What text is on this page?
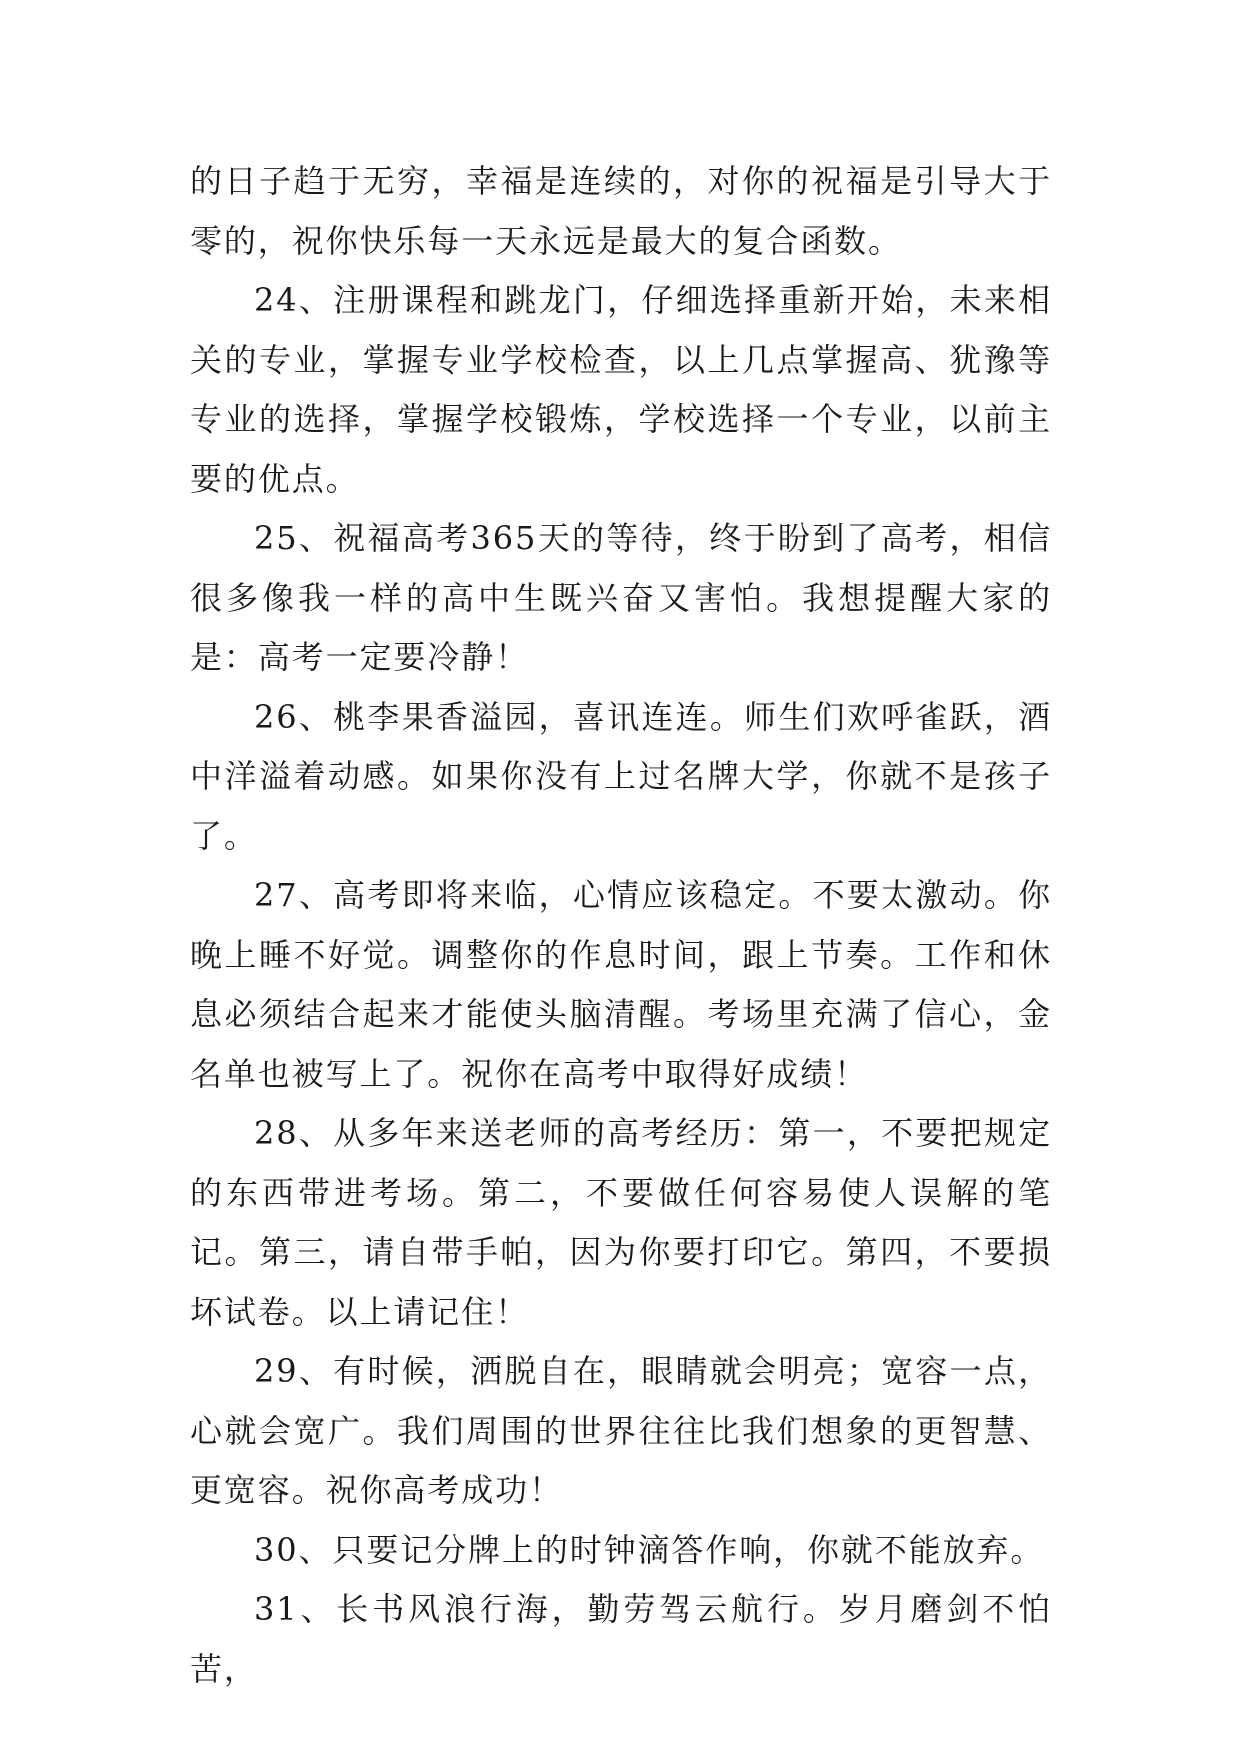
的日子趋于无穷，幸福是连续的，对你的祝福是引导大于零的，祝你快乐每一天永远是最大的复合函数。

24、注册课程和跳龙门，仔细选择重新开始，未来相关的专业，掌握专业学校检查，以上几点掌握高、犹豫等专业的选择，掌握学校锻炼，学校选择一个专业，以前主要的优点。

25、祝福高考365天的等待，终于盼到了高考，相信很多像我一样的高中生既兴奋又害怕。我想提醒大家的是：高考一定要冷静！

26、桃李果香溢园，喜讯连连。师生们欢呼雀跃，酒中洋溢着动感。如果你没有上过名牌大学，你就不是孩子了。

27、高考即将来临，心情应该稳定。不要太激动。你晚上睡不好觉。调整你的作息时间，跟上节奏。工作和休息必须结合起来才能使头脑清醒。考场里充满了信心，金名单也被写上了。祝你在高考中取得好成绩！

28、从多年来送老师的高考经历：第一，不要把规定的东西带进考场。第二，不要做任何容易使人误解的笔记。第三，请自带手帕，因为你要打印它。第四，不要损坏试卷。以上请记住！

29、有时候，洒脱自在，眼睛就会明亮；宽容一点，心就会宽广。我们周围的世界往往比我们想象的更智慧、更宽容。祝你高考成功！

30、只要记分牌上的时钟滴答作响，你就不能放弃。

31、长书风浪行海，勤劳驾云航行。岁月磨剑不怕苦，
